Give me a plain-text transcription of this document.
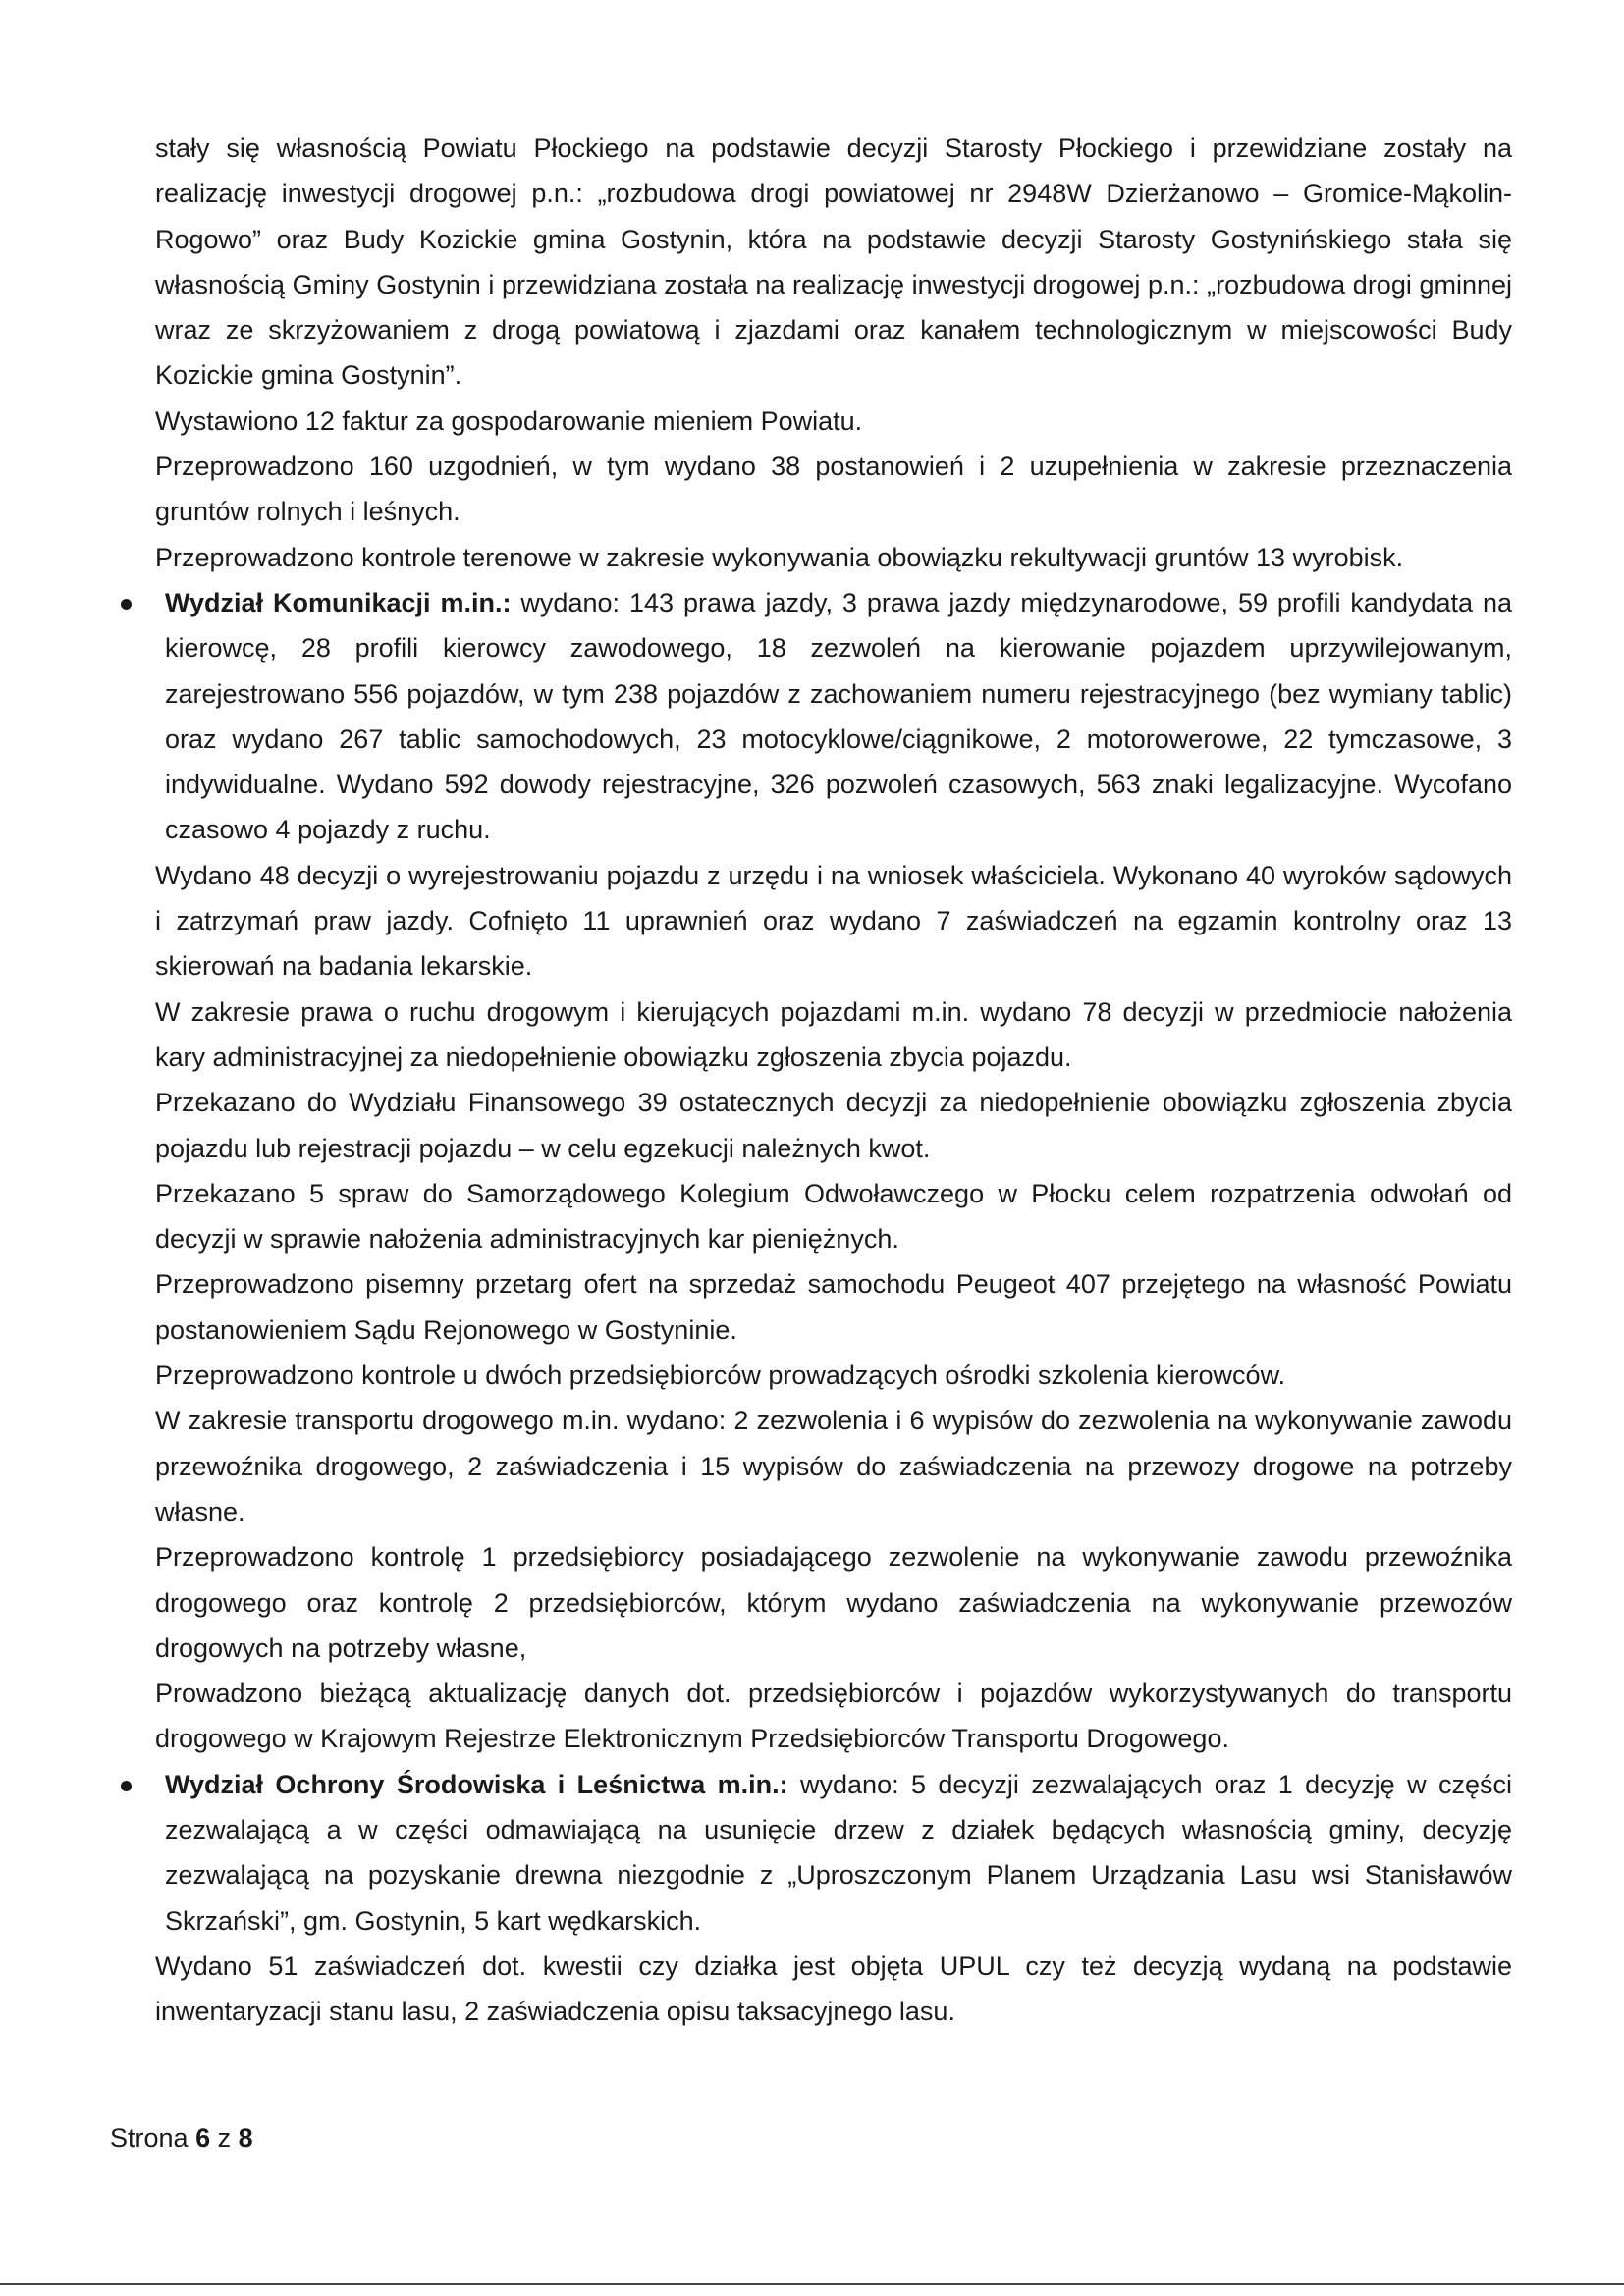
stały się własnością Powiatu Płockiego na podstawie decyzji Starosty Płockiego i przewidziane zostały na realizację inwestycji drogowej p.n.: „rozbudowa drogi powiatowej nr 2948W Dzierżanowo – Gromice-Mąkolin-Rogowo” oraz Budy Kozickie gmina Gostynin, która na podstawie decyzji Starosty Gostynińskiego stała się własnością Gminy Gostynin i przewidziana została na realizację inwestycji drogowej p.n.: „rozbudowa drogi gminnej wraz ze skrzyżowaniem z drogą powiatową i zjazdami oraz kanałem technologicznym w miejscowości Budy Kozickie gmina Gostynin”.

Wystawiono 12 faktur za gospodarowanie mieniem Powiatu.

Przeprowadzono 160 uzgodnień, w tym wydano 38 postanowień i 2 uzupełnienia w zakresie przeznaczenia gruntów rolnych i leśnych.

Przeprowadzono kontrole terenowe w zakresie wykonywania obowiązku rekultywacji gruntów 13 wyrobisk.

Wydział Komunikacji m.in.: wydano: 143 prawa jazdy, 3 prawa jazdy międzynarodowe, 59 profili kandydata na kierowcę, 28 profili kierowcy zawodowego, 18 zezwoleń na kierowanie pojazdem uprzywilejowanym, zarejestrowano 556 pojazdów, w tym 238 pojazdów z zachowaniem numeru rejestracyjnego (bez wymiany tablic) oraz wydano 267 tablic samochodowych, 23 motocyklowe/ciągnikowe, 2 motorowerowe, 22 tymczasowe, 3 indywidualne. Wydano 592 dowody rejestracyjne, 326 pozwoleń czasowych, 563 znaki legalizacyjne. Wycofano czasowo 4 pojazdy z ruchu.

Wydano 48 decyzji o wyrejestrowaniu pojazdu z urzędu i na wniosek właściciela. Wykonano 40 wyroków sądowych i zatrzymań praw jazdy. Cofnięto 11 uprawnień oraz wydano 7 zaświadczeń na egzamin kontrolny oraz 13 skierowań na badania lekarskie.

W zakresie prawa o ruchu drogowym i kierujących pojazdami m.in. wydano 78 decyzji w przedmiocie nałożenia kary administracyjnej za niedopełnienie obowiązku zgłoszenia zbycia pojazdu.

Przekazano do Wydziału Finansowego 39 ostatecznych decyzji za niedopełnienie obowiązku zgłoszenia zbycia pojazdu lub rejestracji pojazdu – w celu egzekucji należnych kwot.

Przekazano 5 spraw do Samorządowego Kolegium Odwoławczego w Płocku celem rozpatrzenia odwołań od decyzji w sprawie nałożenia administracyjnych kar pieniężnych.

Przeprowadzono pisemny przetarg ofert na sprzedaż samochodu Peugeot 407 przejętego na własność Powiatu postanowieniem Sądu Rejonowego w Gostyninie.

Przeprowadzono kontrole u dwóch przedsiębiorców prowadzących ośrodki szkolenia kierowców.

W zakresie transportu drogowego m.in. wydano: 2 zezwolenia i 6 wypisów do zezwolenia na wykonywanie zawodu przewoźnika drogowego, 2 zaświadczenia i 15 wypisów do zaświadczenia na przewozy drogowe na potrzeby własne.

Przeprowadzono kontrolę 1 przedsiębiorcy posiadającego zezwolenie na wykonywanie zawodu przewoźnika drogowego oraz kontrolę 2 przedsiębiorców, którym wydano zaświadczenia na wykonywanie przewozów drogowych na potrzeby własne,

Prowadzono bieżącą aktualizację danych dot. przedsiębiorców i pojazdów wykorzystywanych do transportu drogowego w Krajowym Rejestrze Elektronicznym Przedsiębiorców Transportu Drogowego.

Wydział Ochrony Środowiska i Leśnictwa m.in.: wydano: 5 decyzji zezwalających oraz 1 decyzję w części zezwalającą a w części odmawiającą na usunięcie drzew z działek będących własnością gminy, decyzję zezwalającą na pozyskanie drewna niezgodnie z „Uproszczonym Planem Urządzania Lasu wsi Stanisławów Skrzański”, gm. Gostynin, 5 kart wędkarskich.

Wydano 51 zaświadczeń dot. kwestii czy działka jest objęta UPUL czy też decyzją wydaną na podstawie inwentaryzacji stanu lasu, 2 zaświadczenia opisu taksacyjnego lasu.

Strona 6 z 8
